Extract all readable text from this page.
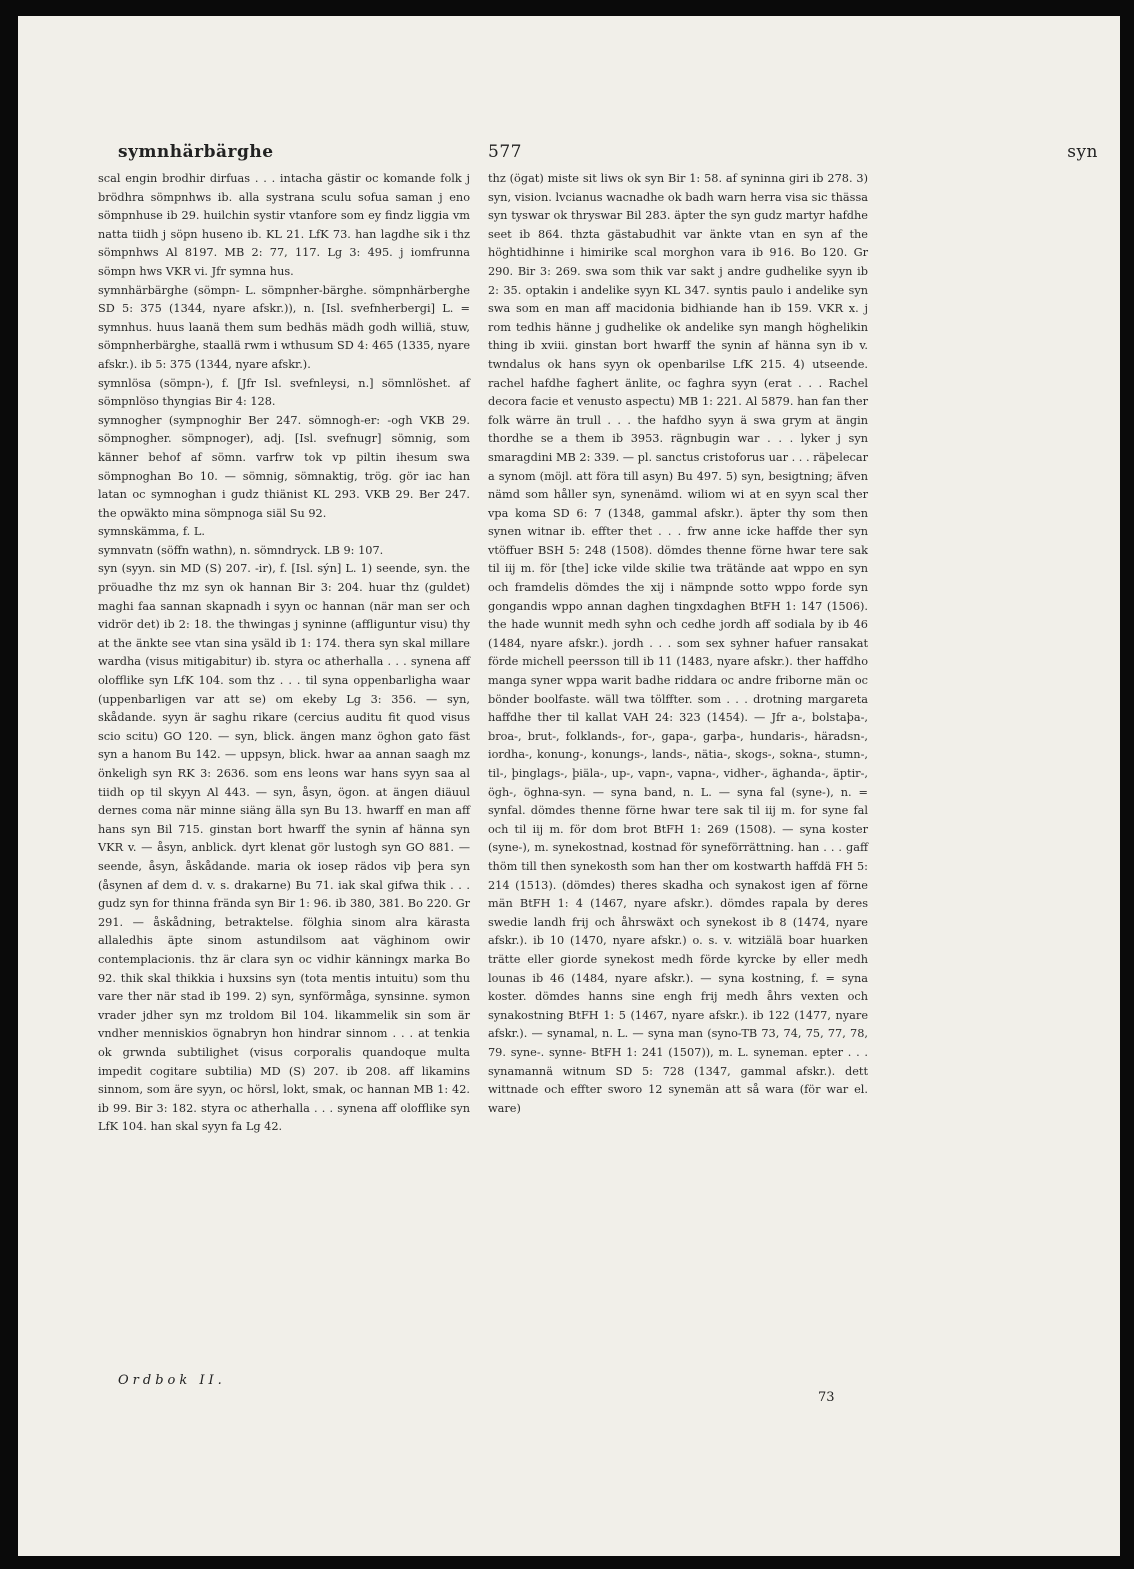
symnhärbärghe	577	syn

scal engin brodhir dirfuas . . . intacha gästir oc komande folk j brödhra sömpnhws ib. alla systrana sculu sofua saman j eno sömpnhuse ib 29. huilchin systir vtanfore som ey findz liggia vm natta tiidh j söpn huseno ib. KL 21. LfK 73. han lagdhe sik i thz sömpnhws Al 8197. MB 2: 77, 117. Lg 3: 495. j iomfrunna sömpn hws VKR vi. Jfr symna hus.

symnhärbärghe (sömpn- L. sömpnher-bärghe. sömpnhärberghe SD 5: 375 (1344, nyare afskr.)), n. [Isl. svefnherbergi] L. = symnhus. huus laanä them sum bedhäs mädh godh williä, stuw, sömpnherbärghe, staallä rwm i wthusum SD 4: 465 (1335, nyare afskr.). ib 5: 375 (1344, nyare afskr.).

symnlösa (sömpn-), f. [Jfr Isl. svefnleysi, n.] sömnlöshet. af sömpnlöso thyngias Bir 4: 128.

symnogher (sympnoghir Ber 247. sömnogh-er: -ogh VKB 29. sömpnogher. sömpnoger), adj. [Isl. svefnugr] sömnig, som känner behof af sömn. varfrw tok vp piltin ihesum swa sömpnoghan Bo 10. — sömnig, sömnaktig, trög. gör iac han latan oc symnoghan i gudz thiänist KL 293. VKB 29. Ber 247. the opwäkto mina sömpnoga siäl Su 92.

symnskämma, f. L.

symnvatn (söffn wathn), n. sömndryck. LB 9: 107.

syn (syyn. sin MD (S) 207. -ir), f. [Isl. sýn] L. 1) seende, syn. the pröuadhe thz mz syn ok hannan Bir 3: 204. huar thz (guldet) maghi faa sannan skapnadh i syyn oc hannan (när man ser och vidrör det) ib 2: 18. the thwingas j syninne (affliguntur visu) thy at the änkte see vtan sina ysäld ib 1: 174. thera syn skal millare wardha (visus mitigabitur) ib. styra oc atherhalla . . . synena aff olofflike syn LfK 104. som thz . . . til syna oppenbarligha waar (uppenbarligen var att se) om ekeby Lg 3: 356. — syn, skådande. syyn är saghu rikare (cercius auditu fit quod visus scio scitu) GO 120. — syn, blick. ängen manz öghon gato fäst syn a hanom Bu 142. — uppsyn, blick. hwar aa annan saagh mz önkeligh syn RK 3: 2636. som ens leons war hans syyn saa al tiidh op til skyyn Al 443. — syn, åsyn, ögon. at ängen diäuul dernes coma när minne siäng älla syn Bu 13. hwarff en man aff hans syn Bil 715. ginstan bort hwarff the synin af hänna syn VKR v. — åsyn, anblick. dyrt klenat gör lustogh syn GO 881. — seende, åsyn, åskådande. maria ok iosep rädos viþ þera syn (åsynen af dem d. v. s. drakarne) Bu 71. iak skal gifwa thik . . . gudz syn for thinna frända syn Bir 1: 96. ib 380, 381. Bo 220. Gr 291. — åskådning, betraktelse. fölghia sinom alra kärasta allaledhis äpte sinom astundilsom aat väghinom owir contemplacionis. thz är clara syn oc vidhir känningx marka Bo 92. thik skal thikkia i huxsins syn (tota mentis intuitu) som thu vare ther när stad ib 199. 2) syn, synförmåga, synsinne. symon vrader jdher syn mz troldom Bil 104. likammelik sin som är vndher menniskios ögnabryn hon hindrar sinnom . . . at tenkia ok grwnda subtilighet (visus corporalis quandoque multa impedit cogitare subtilia) MD (S) 207. ib 208. aff likamins sinnom, som äre syyn, oc hörsl, lokt, smak, oc hannan MB 1: 42. ib 99. Bir 3: 182. styra oc atherhalla . . . synena aff olofflike syn LfK 104. han skal syyn fa Lg 42.

thz (ögat) miste sit liws ok syn Bir 1: 58. af syninna giri ib 278. 3) syn, vision. lvcianus wacnadhe ok badh warn herra visa sic thässa syn tyswar ok thryswar Bil 283. äpter the syn gudz martyr hafdhe seet ib 864. thzta gästabudhit var änkte vtan en syn af the höghtidhinne i himirike scal morghon vara ib 916. Bo 120. Gr 290. Bir 3: 269. swa som thik var sakt j andre gudhelike syyn ib 2: 35. optakin i andelike syyn KL 347. syntis paulo i andelike syn swa som en man aff macidonia bidhiande han ib 159. VKR x. j rom tedhis hänne j gudhelike ok andelike syn mangh höghelikin thing ib xviii. ginstan bort hwarff the synin af hänna syn ib v. twndalus ok hans syyn ok openbarilse LfK 215. 4) utseende. rachel hafdhe faghert änlite, oc faghra syyn (erat . . . Rachel decora facie et venusto aspectu) MB 1: 221. Al 5879. han fan ther folk wärre än trull . . . the hafdho syyn ä swa grym at ängin thordhe se a them ib 3953. rägnbugin war . . . lyker j syn smaragdini MB 2: 339. — pl. sanctus cristoforus uar . . . räþelecar a synom (möjl. att föra till asyn) Bu 497. 5) syn, besigtning; äfven nämd som håller syn, synenämd. wiliom wi at en syyn scal ther vpa koma SD 6: 7 (1348, gammal afskr.). äpter thy som then synen witnar ib. effter thet . . . frw anne icke haffde ther syn vtöffuer BSH 5: 248 (1508). dömdes thenne förne hwar tere sak til iij m. för [the] icke vilde skilie twa trätände aat wppo en syn och framdelis dömdes the xij i nämpnde sotto wppo forde syn gongandis wppo annan daghen tingxdaghen BtFH 1: 147 (1506). the hade wunnit medh syhn och cedhe jordh aff sodiala by ib 46 (1484, nyare afskr.). jordh . . . som sex syhner hafuer ransakat förde michell peersson till ib 11 (1483, nyare afskr.). ther haffdho manga syner wppa warit badhe riddara oc andre friborne män oc bönder boolfaste. wäll twa tölffter. som . . . drotning margareta haffdhe ther til kallat VAH 24: 323 (1454). — Jfr a-, bolstaþa-, broa-, brut-, folklands-, for-, gapa-, garþa-, hundaris-, häradsn-, iordha-, konung-, konungs-, lands-, nätia-, skogs-, sokna-, stumn-, til-, þinglags-, þiäla-, up-, vapn-, vapna-, vidher-, äghanda-, äptir-, ögh-, öghna-syn. — syna band, n. L. — syna fal (syne-), n. = synfal. dömdes thenne förne hwar tere sak til iij m. for syne fal och til iij m. för dom brot BtFH 1: 269 (1508). — syna koster (syne-), m. synekostnad, kostnad för syneförrättning. han . . . gaff thöm till then synekosth som han ther om kostwarth haffdä FH 5: 214 (1513). (dömdes) theres skadha och synakost igen af förne män BtFH 1: 4 (1467, nyare afskr.). dömdes rapala by deres swedie landh frij och åhrswäxt och synekost ib 8 (1474, nyare afskr.). ib 10 (1470, nyare afskr.) o. s. v. witziälä boar huarken trätte eller giorde synekost medh förde kyrcke by eller medh lounas ib 46 (1484, nyare afskr.). — syna kostning, f. = syna koster. dömdes hanns sine engh frij medh åhrs vexten och synakostning BtFH 1: 5 (1467, nyare afskr.). ib 122 (1477, nyare afskr.). — synamal, n. L. — syna man (syno-TB 73, 74, 75, 77, 78, 79. syne-. synne- BtFH 1: 241 (1507)), m. L. syneman. epter . . . synamannä witnum SD 5: 728 (1347, gammal afskr.). dett wittnade och effter sworo 12 synemän att så wara (för war el. ware)

Ordbok II.
73
